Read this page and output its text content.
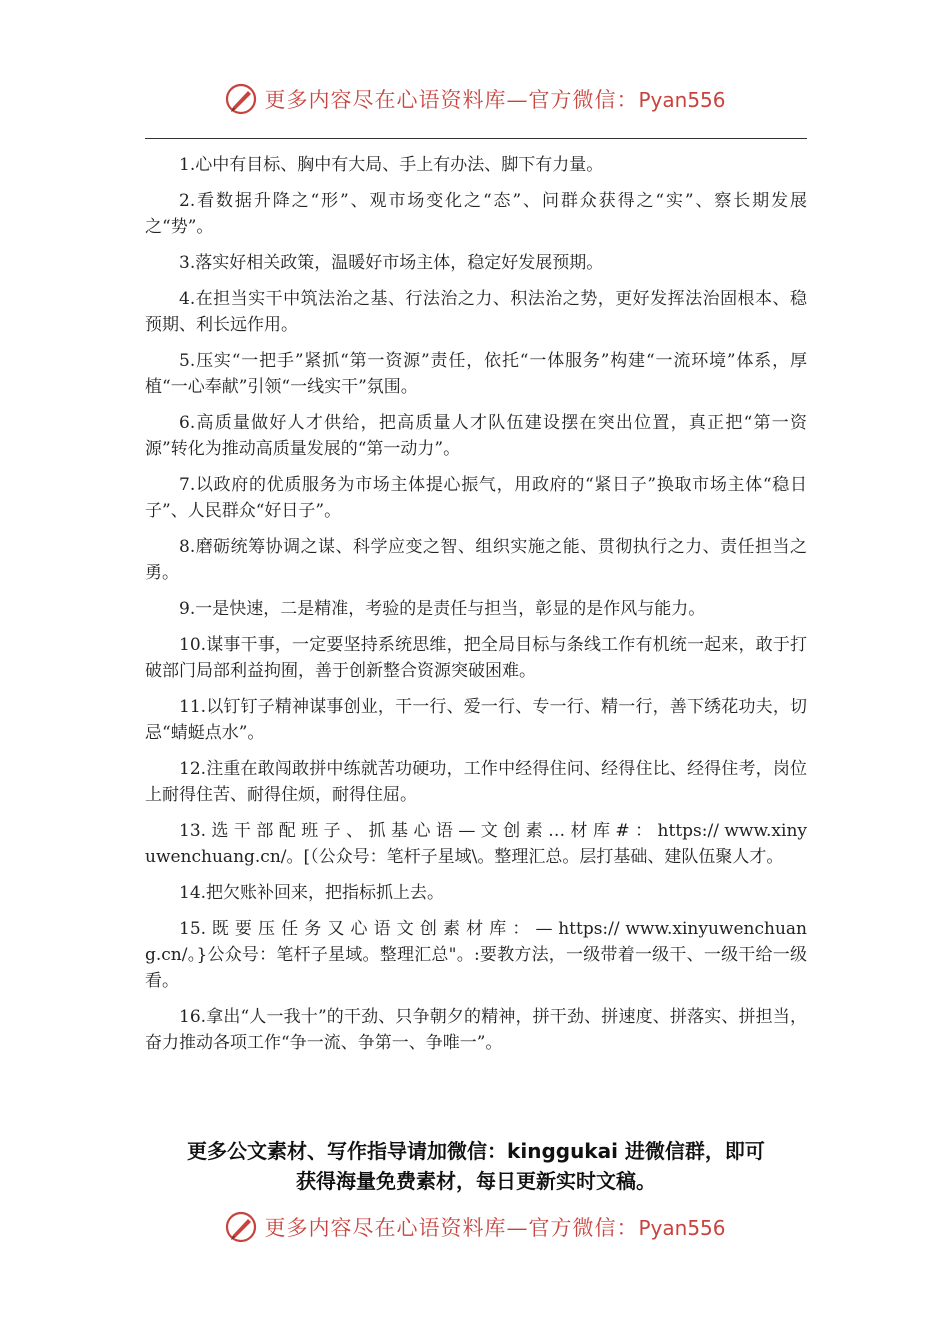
更多内容尽在心语资料库—官方微信：Pyan556

1.心中有目标、胸中有大局、手上有办法、脚下有力量。

2.看数据升降之“形”、观市场变化之“态”、问群众获得之“实”、察长期发展之“势”。

3.落实好相关政策，温暖好市场主体，稳定好发展预期。

4.在担当实干中筑法治之基、行法治之力、积法治之势，更好发挥法治固根本、稳预期、利长远作用。

5.压实“一把手”紧抓“第一资源”责任，依托“一体服务”构建“一流环境”体系，厚植“一心奉献”引领“一线实干”氛围。

6.高质量做好人才供给，把高质量人才队伍建设摆在突出位置，真正把“第一资源”转化为推动高质量发展的“第一动力”。

7.以政府的优质服务为市场主体提心振气，用政府的“紧日子”换取市场主体“稳日子”、人民群众“好日子”。

8.磨砺统筹协调之谋、科学应变之智、组织实施之能、贯彻执行之力、责任担当之勇。

9.一是快速，二是精准，考验的是责任与担当，彰显的是作风与能力。

10.谋事干事，一定要坚持系统思维，把全局目标与条线工作有机统一起来，敢于打破部门局部利益拘囿，善于创新整合资源突破困难。

11.以钉钉子精神谋事创业，干一行、爱一行、专一行、精一行，善下绣花功夫，切忌“蜻蜓点水”。

12.注重在敢闯敢拼中练就苦功硬功，工作中经得住问、经得住比、经得住考，岗位上耐得住苦、耐得住烦，耐得住屈。

13. 选 干 部 配 班 子 、 抓 基 心 语 — 文 创 素 … 材 库 # ： https:// www.xinyuwenchuang.cn/。[（公众号：笔杆子星域\。整理汇总。层打基础、建队伍聚人才。

14.把欠账补回来，把指标抓上去。

15. 既 要 压 任 务 又 心 语 文 创 素 材 库 ： — https:// www.xinyuwenchuang.cn/。}公众号：笔杆子星域。整理汇总"。:要教方法，一级带着一级干、一级干给一级看。

16.拿出“人一我十”的干劲、只争朝夕的精神，拼干劲、拼速度、拼落实、拼担当，奋力推动各项工作“争一流、争第一、争唯一”。

更多公文素材、写作指导请加微信：kinggukai 进微信群，即可
获得海量免费素材，每日更新实时文稿。
更多内容尽在心语资料库—官方微信：Pyan556
